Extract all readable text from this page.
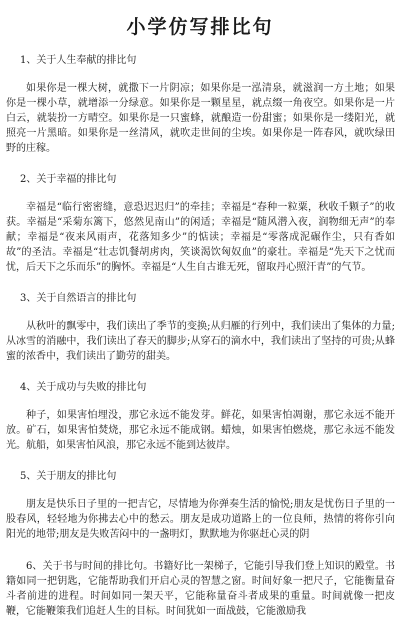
小学仿写排比句

1、关于人生奉献的排比句

如果你是一棵大树，就撒下一片阴凉；如果你是一泓清泉，就滋润一方土地；如果你是一棵小草，就增添一分绿意。如果你是一颗星星，就点缀一角夜空。如果你是一片白云，就装扮一方晴空。如果你是一只蜜蜂，就酿造一份甜蜜；如果你是一缕阳光，就照亮一片黑暗。如果你是一丝清风，就吹走世间的尘埃。如果你是一阵春风，就吹绿田野的庄稼。

2、关于幸福的排比句

幸福是“临行密密缝，意恐迟迟归”的牵挂；幸福是“春种一粒粟，秋收千颗子”的收获。幸福是“采菊东篱下，悠然见南山”的闲适；幸福是“随风潜入夜，润物细无声”的奉献；幸福是“夜来风雨声，花落知多少”的惦读；幸福是“零落成泥碾作尘，只有香如故”的圣洁。幸福是“壮志饥餐胡虏肉，笑谈渴饮匈奴血”的豪壮。幸福是“先天下之忧而忧，后天下之乐而乐”的胸怀。幸福是“人生自古谁无死，留取丹心照汗青”的气节。

3、关于自然语言的排比句

从秋叶的飘零中，我们读出了季节的变换;从归雁的行列中，我们读出了集体的力量;从冰雪的消融中，我们读出了春天的脚步;从穿石的滴水中，我们读出了坚持的可贵;从蜂蜜的浓香中，我们读出了勤劳的甜美。

4、关于成功与失败的排比句

种子，如果害怕埋没，那它永远不能发芽。鲜花，如果害怕凋谢，那它永远不能开放。矿石，如果害怕焚烧，那它永远不能成钢。蜡烛，如果害怕燃烧，那它永远不能发光。航船，如果害怕风浪，那它永远不能到达彼岸。

5、关于朋友的排比句

朋友是快乐日子里的一把吉它，尽情地为你弹奏生活的愉悦;朋友是忧伤日子里的一股春风，轻轻地为你拂去心中的愁云。朋友是成功道路上的一位良师，热情的将你引向阳光的地带;朋友是失败苦闷中的一盏明灯，默默地为你驱赶心灵的阴

6、关于书与时间的排比句。书籍好比一架梯子，它能引导我们登上知识的殿堂。书籍如同一把钥匙，它能帮助我们开启心灵的智慧之窗。时间好象一把尺子，它能衡量奋斗者前进的进程。时间如同一架天平，它能称量奋斗者成果的重量。时间就像一把皮鞭，它能鞭策我们追赶人生的目标。时间犹如一面战鼓，它能激励我
